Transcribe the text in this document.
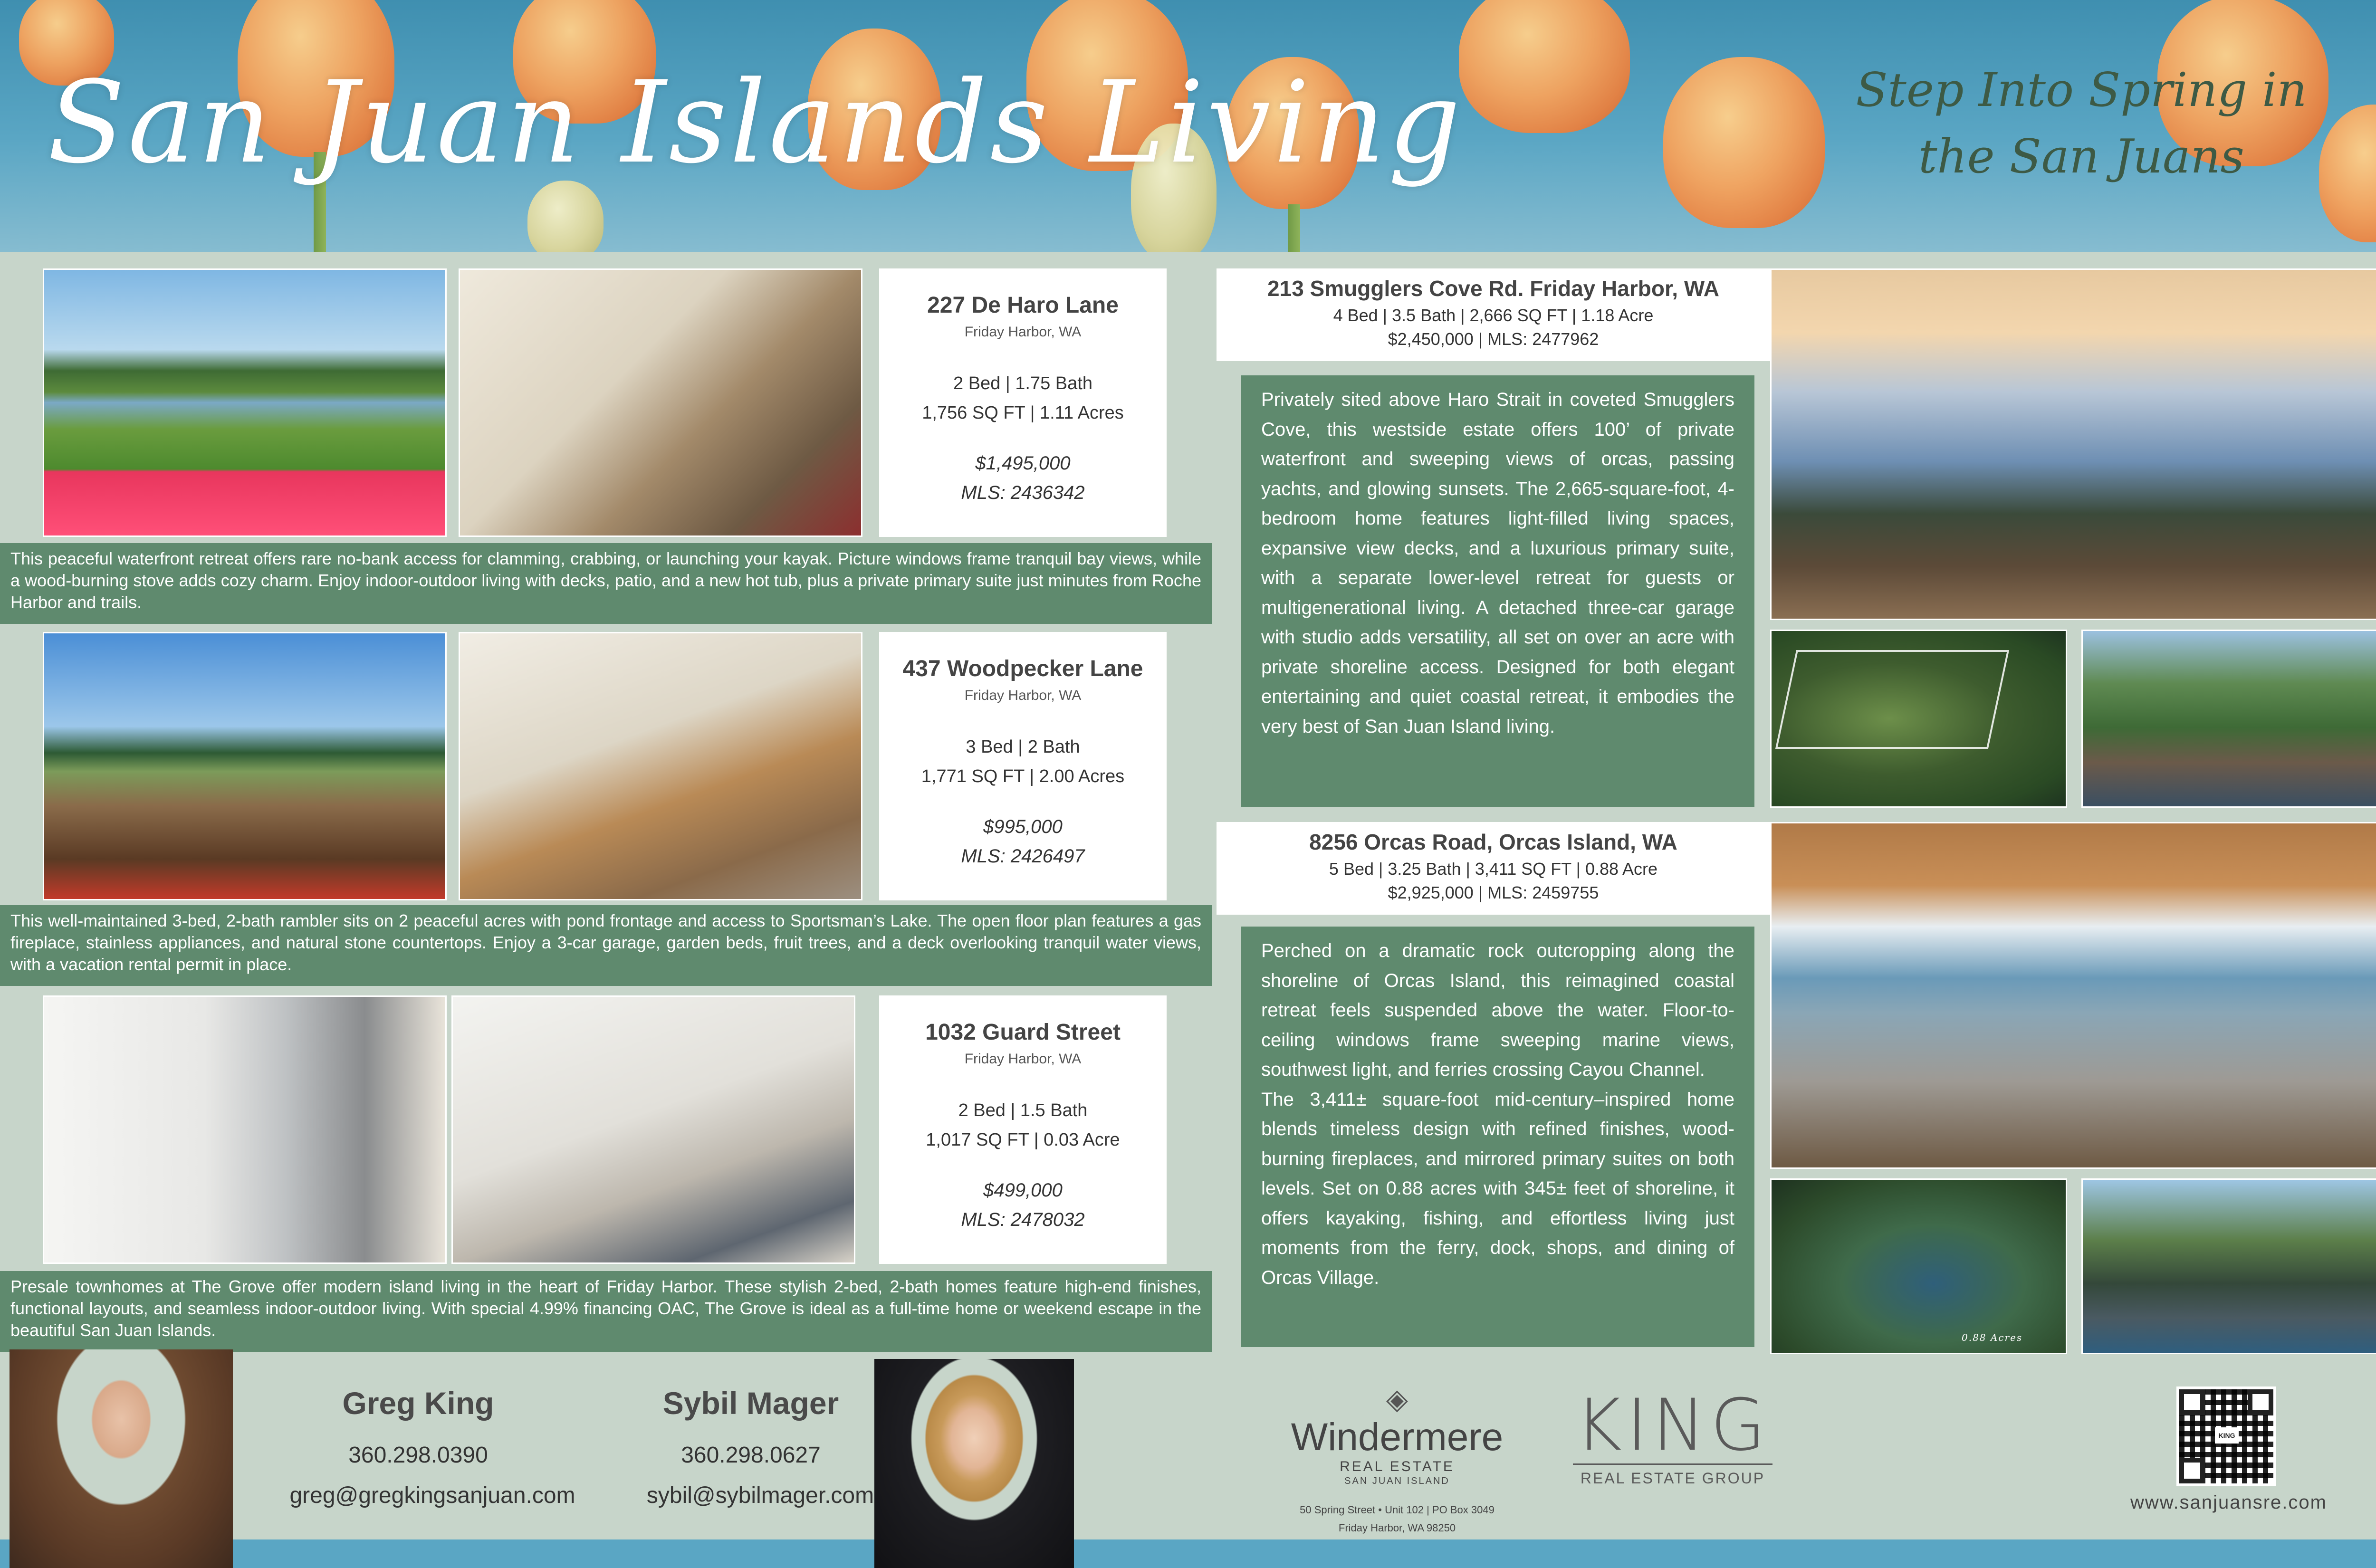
San Juan Islands Living	Step Into Spring in
the San Juans
227 De Haro Lane
Friday Harbor, WA
2 Bed | 1.75 Bath
1,756 SQ FT | 1.11 Acres
$1,495,000
MLS: 2436342
This peaceful waterfront retreat offers rare no-bank access for clamming, crabbing, or launching your kayak. Picture windows frame tranquil bay views, while a wood-burning stove adds cozy charm. Enjoy indoor-outdoor living with decks, patio, and a new hot tub, plus a private primary suite just minutes from Roche Harbor and trails.
437 Woodpecker Lane
Friday Harbor, WA
3 Bed | 2 Bath
1,771 SQ FT | 2.00 Acres
$995,000
MLS: 2426497
This well-maintained 3-bed, 2-bath rambler sits on 2 peaceful acres with pond frontage and access to Sportsman’s Lake. The open floor plan features a gas fireplace, stainless appliances, and natural stone countertops. Enjoy a 3-car garage, garden beds, fruit trees, and a deck overlooking tranquil water views, with a vacation rental permit in place.
1032 Guard Street
Friday Harbor, WA
2 Bed | 1.5 Bath
1,017 SQ FT | 0.03 Acre
$499,000
MLS: 2478032
Presale townhomes at The Grove offer modern island living in the heart of Friday Harbor. These stylish 2-bed, 2-bath homes feature high-end finishes, functional layouts, and seamless indoor-outdoor living. With special 4.99% financing OAC, The Grove is ideal as a full-time home or weekend escape in the beautiful San Juan Islands.
213 Smugglers Cove Rd. Friday Harbor, WA
4 Bed | 3.5 Bath | 2,666 SQ FT | 1.18 Acre
$2,450,000 | MLS: 2477962
Privately sited above Haro Strait in coveted Smugglers Cove, this westside estate offers 100’ of private waterfront and sweeping views of orcas, passing yachts, and glowing sunsets. The 2,665-square-foot, 4-bedroom home features light-filled living spaces, expansive view decks, and a luxurious primary suite, with a separate lower-level retreat for guests or multigenerational living. A detached three-car garage with studio adds versatility, all set on over an acre with private shoreline access. Designed for both elegant entertaining and quiet coastal retreat, it embodies the very best of San Juan Island living.
8256 Orcas Road, Orcas Island, WA
5 Bed | 3.25 Bath | 3,411 SQ FT | 0.88 Acre
$2,925,000 | MLS: 2459755
Perched on a dramatic rock outcropping along the shoreline of Orcas Island, this reimagined coastal retreat feels suspended above the water. Floor-to-ceiling windows frame sweeping marine views, southwest light, and ferries crossing Cayou Channel.
The 3,411± square-foot mid-century–inspired home blends timeless design with refined finishes, wood-burning fireplaces, and mirrored primary suites on both levels. Set on 0.88 acres with 345± feet of shoreline, it offers kayaking, fishing, and effortless living just moments from the ferry, dock, shops, and dining of Orcas Village.
0.88 Acres
Greg King
360.298.0390
greg@gregkingsanjuan.com
Sybil Mager
360.298.0627
sybil@sybilmager.com
◈
Windermere
REAL ESTATE
SAN JUAN ISLAND
50 Spring Street • Unit 102 | PO Box 3049
Friday Harbor, WA 98250
KING
REAL ESTATE GROUP
KING
www.sanjuansre.com
